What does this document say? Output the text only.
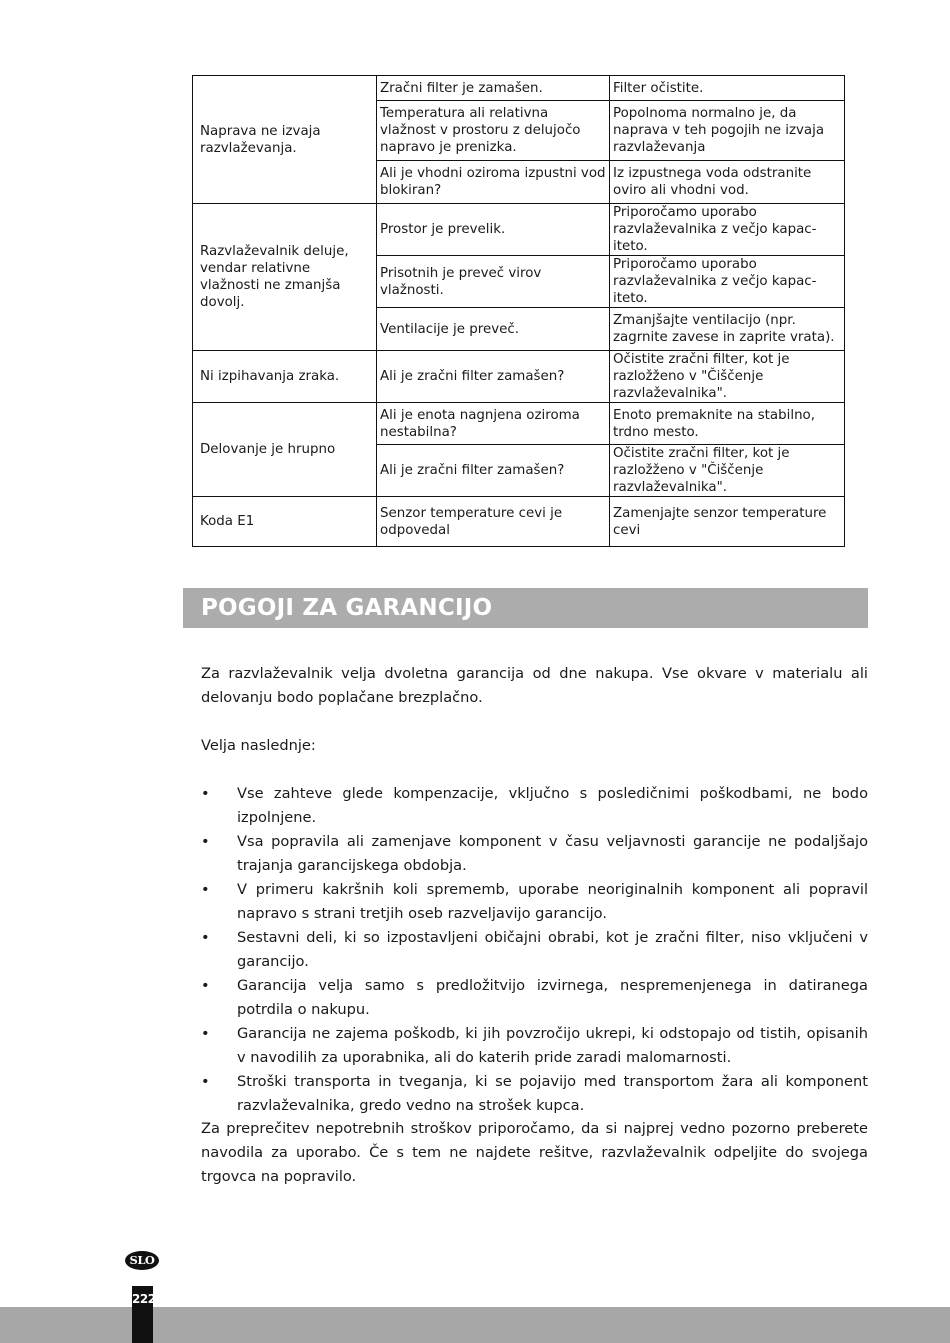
Naprava ne izvaja razvlaževanja.	Zračni filter je zamašen.	Filter očistite.
	Temperatura ali relativna vlažnost v prostoru z delujočo napravo je prenizka.	Popolnoma normalno je, da naprava v teh pogojih ne izvaja razvlaževanja
	Ali je vhodni oziroma izpustni vod blokiran?	Iz izpustnega voda odstranite oviro ali vhodni vod.
Razvlaževalnik deluje, vendar relativne vlažnosti ne zmanjša dovolj.	Prostor je prevelik.	Priporočamo uporabo razvlaževalnika z večjo kapac-iteto.
	Prisotnih je preveč virov vlažnosti.	Priporočamo uporabo razvlaževalnika z večjo kapac-iteto.
	Ventilacije je preveč.	Zmanjšajte ventilacijo (npr. zagrnite zavese in zaprite vrata).
Ni izpihavanja zraka.	Ali je zračni filter zamašen?	Očistite zračni filter, kot je razložženo v "Čiščenje razvlaževalnika".
Delovanje je hrupno	Ali je enota nagnjena oziroma nestabilna?	Enoto premaknite na stabilno, trdno mesto.
	Ali je zračni filter zamašen?	Očistite zračni filter, kot je razložženo v "Čiščenje razvlaževalnika".
Koda E1	Senzor temperature cevi je odpovedal	Zamenjajte senzor temperature cevi
POGOJI ZA GARANCIJO

Za razvlaževalnik velja dvoletna garancija od dne nakupa. Vse okvare v materialu ali delovanju bodo poplačane brezplačno.

Velja naslednje:

• Vse zahteve glede kompenzacije, vključno s posledičnimi poškodbami, ne bodo izpolnjene.
• Vsa popravila ali zamenjave komponent v času veljavnosti garancije ne podaljšajo trajanja garancijskega obdobja.
• V primeru kakršnih koli sprememb, uporabe neoriginalnih komponent ali popravil napravo s strani tretjih oseb razveljavijo garancijo.
• Sestavni deli, ki so izpostavljeni običajni obrabi, kot je zračni filter, niso vključeni v garancijo.
• Garancija velja samo s predložitvijo izvirnega, nespremenjenega in datiranega potrdila o nakupu.
• Garancija ne zajema poškodb, ki jih povzročijo ukrepi, ki odstopajo od tistih, opisanih v navodilih za uporabnika, ali do katerih pride zaradi malomarnosti.
• Stroški transporta in tveganja, ki se pojavijo med transportom žara ali komponent razvlaževalnika, gredo vedno na strošek kupca.

Za preprečitev nepotrebnih stroškov priporočamo, da si najprej vedno pozorno preberete navodila za uporabo. Če s tem ne najdete rešitve, razvlaževalnik odpeljite do svojega trgovca na popravilo.

SLO
222
